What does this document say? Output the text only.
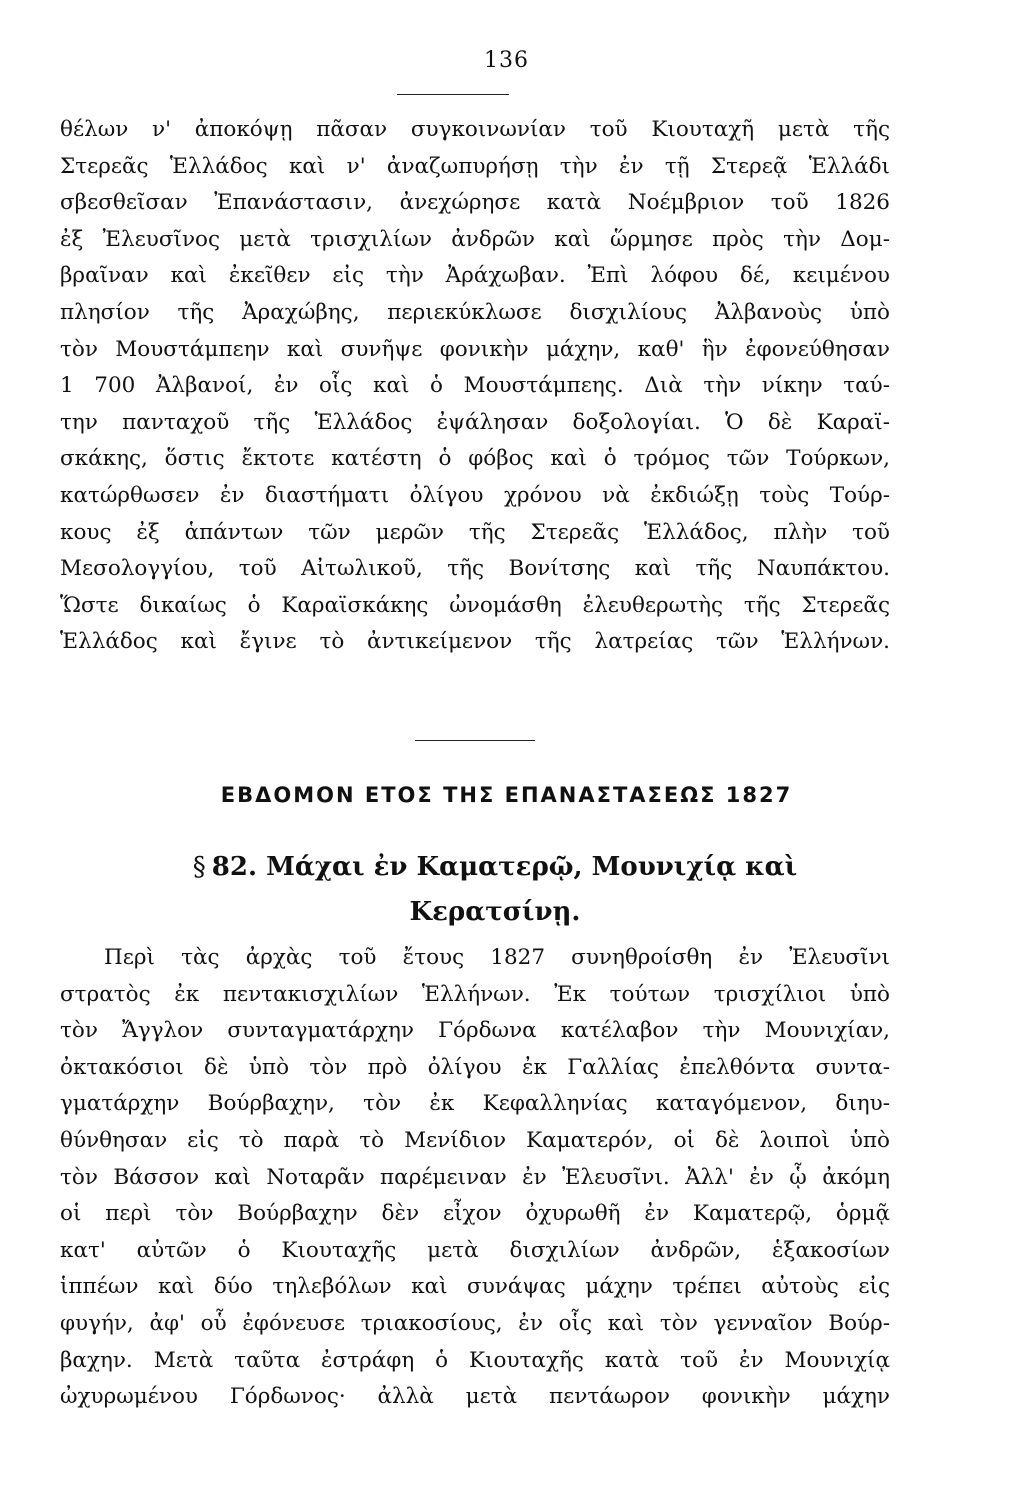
136
θέλων ν' ἀποκόψῃ πᾶσαν συγκοινωνίαν τοῦ Κιουταχῆ μετὰ τῆς
Στερεᾶς Ἑλλάδος καὶ ν' ἀναζωπυρήσῃ τὴν ἐν τῇ Στερεᾷ Ἑλλάδι
σβεσθεῖσαν Ἐπανάστασιν, ἀνεχώρησε κατὰ Νοέμβριον τοῦ 1826
ἐξ Ἐλευσῖνος μετὰ τρισχιλίων ἀνδρῶν καὶ ὥρμησε πρὸς τὴν Δομ-
βραῖναν καὶ ἐκεῖθεν εἰς τὴν Ἀράχωβαν. Ἐπὶ λόφου δέ, κειμένου
πλησίον τῆς Ἀραχώβης, περιεκύκλωσε δισχιλίους Ἀλβανοὺς ὑπὸ
τὸν Μουστάμπεην καὶ συνῆψε φονικὴν μάχην, καθ' ἣν ἐφονεύθησαν
1 700 Ἀλβανοί, ἐν οἷς καὶ ὁ Μουστάμπεης. Διὰ τὴν νίκην ταύ-
την πανταχοῦ τῆς Ἑλλάδος ἐψάλησαν δοξολογίαι. Ὁ δὲ Καραϊ-
σκάκης, ὅστις ἔκτοτε κατέστη ὁ φόβος καὶ ὁ τρόμος τῶν Τούρκων,
κατώρθωσεν ἐν διαστήματι ὀλίγου χρόνου νὰ ἐκδιώξῃ τοὺς Τούρ-
κους ἐξ ἁπάντων τῶν μερῶν τῆς Στερεᾶς Ἑλλάδος, πλὴν τοῦ
Μεσολογγίου, τοῦ Αἰτωλικοῦ, τῆς Βονίτσης καὶ τῆς Ναυπάκτου.
Ὥστε δικαίως ὁ Καραϊσκάκης ὠνομάσθη ἐλευθερωτὴς τῆς Στερεᾶς
Ἑλλάδος καὶ ἔγινε τὸ ἀντικείμενον τῆς λατρείας τῶν Ἑλλήνων.
ΕΒΔΟΜΟΝ ΕΤΟΣ ΤΗΣ ΕΠΑΝΑΣΤΑΣΕΩΣ 1827
§ 82. Μάχαι ἐν Καματερῷ, Μουνιχίᾳ καὶ
Κερατσίνῃ.
Περὶ τὰς ἀρχὰς τοῦ ἔτους 1827 συνηθροίσθη ἐν Ἐλευσῖνι
στρατὸς ἐκ πεντακισχιλίων Ἑλλήνων. Ἐκ τούτων τρισχίλιοι ὑπὸ
τὸν Ἄγγλον συνταγματάρχην Γόρδωνα κατέλαβον τὴν Μουνιχίαν,
ὀκτακόσιοι δὲ ὑπὸ τὸν πρὸ ὀλίγου ἐκ Γαλλίας ἐπελθόντα συντα-
γματάρχην Βούρβαχην, τὸν ἐκ Κεφαλληνίας καταγόμενον, διηυ-
θύνθησαν εἰς τὸ παρὰ τὸ Μενίδιον Καματερόν, οἱ δὲ λοιποὶ ὑπὸ
τὸν Βάσσον καὶ Νοταρᾶν παρέμειναν ἐν Ἐλευσῖνι. Ἀλλ' ἐν ᾧ ἀκόμη
οἱ περὶ τὸν Βούρβαχην δὲν εἶχον ὀχυρωθῆ ἐν Καματερῷ, ὁρμᾷ
κατ' αὐτῶν ὁ Κιουταχῆς μετὰ δισχιλίων ἀνδρῶν, ἑξακοσίων
ἱππέων καὶ δύο τηλεβόλων καὶ συνάψας μάχην τρέπει αὐτοὺς εἰς
φυγήν, ἀφ' οὗ ἐφόνευσε τριακοσίους, ἐν οἷς καὶ τὸν γενναῖον Βούρ-
βαχην. Μετὰ ταῦτα ἐστράφη ὁ Κιουταχῆς κατὰ τοῦ ἐν Μουνιχίᾳ
ὠχυρωμένου Γόρδωνος· ἀλλὰ μετὰ πεντάωρον φονικὴν μάχην
